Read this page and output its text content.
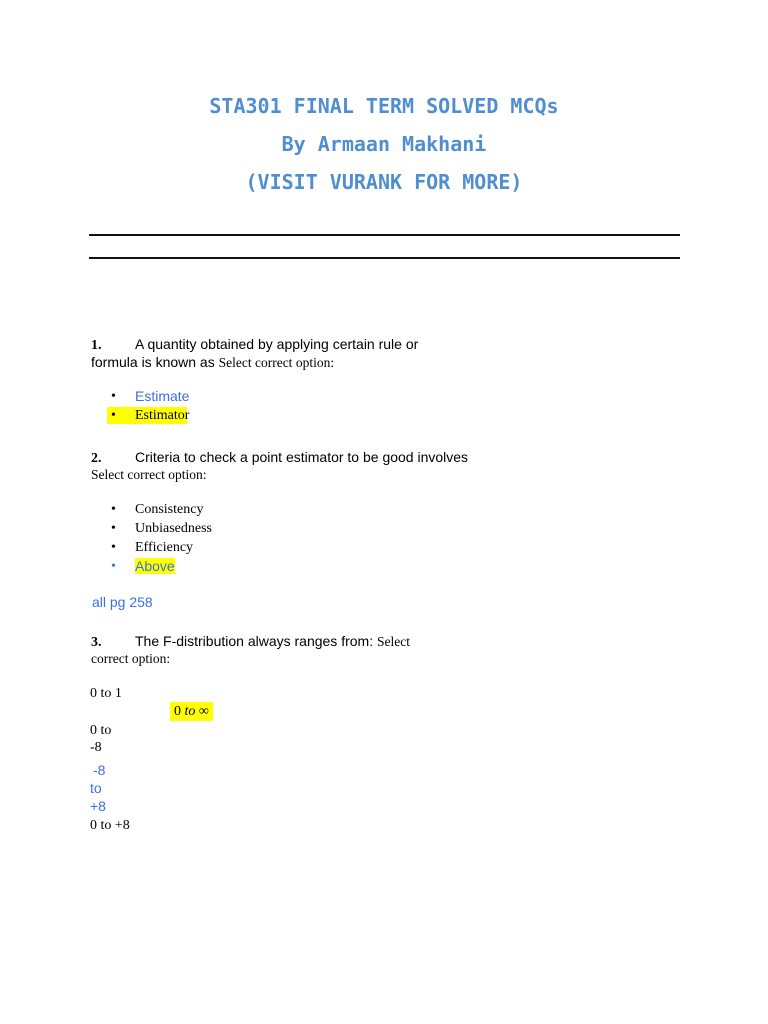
STA301 FINAL TERM SOLVED MCQs
By Armaan Makhani
(VISIT VURANK FOR MORE)
1. A quantity obtained by applying certain rule or
formula is known as Select correct option:
• Estimate
• Estimator
2. Criteria to check a point estimator to be good involves
Select correct option:
• Consistency
• Unbiasedness
• Efficiency
• Above
all pg 258
3. The F-distribution always ranges from: Select
correct option:
0 to 1
0 to ∞
0 to
-8
-8
to
+8
0 to +8
